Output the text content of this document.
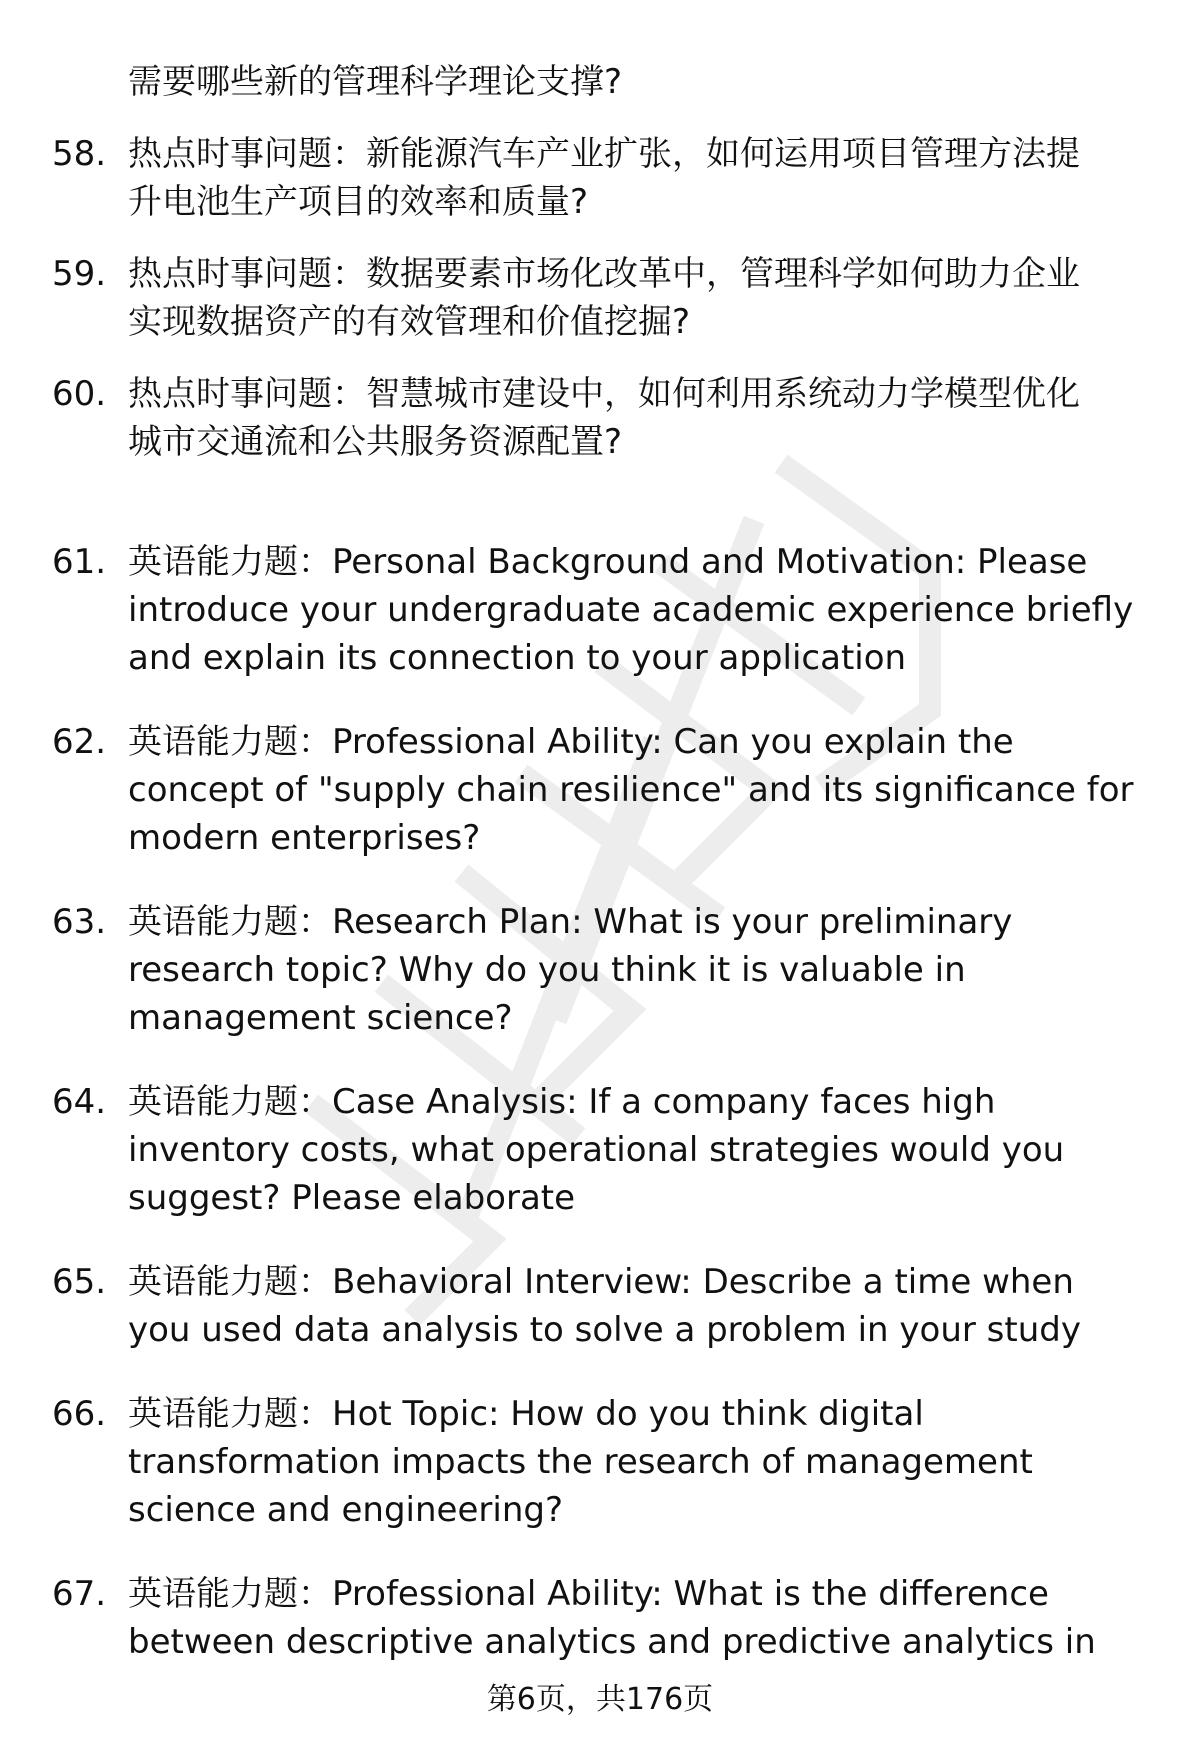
需要哪些新的管理科学理论支撑?
58. 热点时事问题：新能源汽车产业扩张，如何运用项目管理方法提
升电池生产项目的效率和质量?
59. 热点时事问题：数据要素市场化改革中，管理科学如何助力企业
实现数据资产的有效管理和价值挖掘?
60. 热点时事问题：智慧城市建设中，如何利用系统动力学模型优化
城市交通流和公共服务资源配置?
61. 英语能力题：Personal Background and Motivation: Please
introduce your undergraduate academic experience briefly
and explain its connection to your application
62. 英语能力题：Professional Ability: Can you explain the
concept of "supply chain resilience" and its significance for
modern enterprises?
63. 英语能力题：Research Plan: What is your preliminary
research topic? Why do you think it is valuable in
management science?
64. 英语能力题：Case Analysis: If a company faces high
inventory costs, what operational strategies would you
suggest? Please elaborate
65. 英语能力题：Behavioral Interview: Describe a time when
you used data analysis to solve a problem in your study
66. 英语能力题：Hot Topic: How do you think digital
transformation impacts the research of management
science and engineering?
67. 英语能力题：Professional Ability: What is the difference
between descriptive analytics and predictive analytics in
第6页，共176页
